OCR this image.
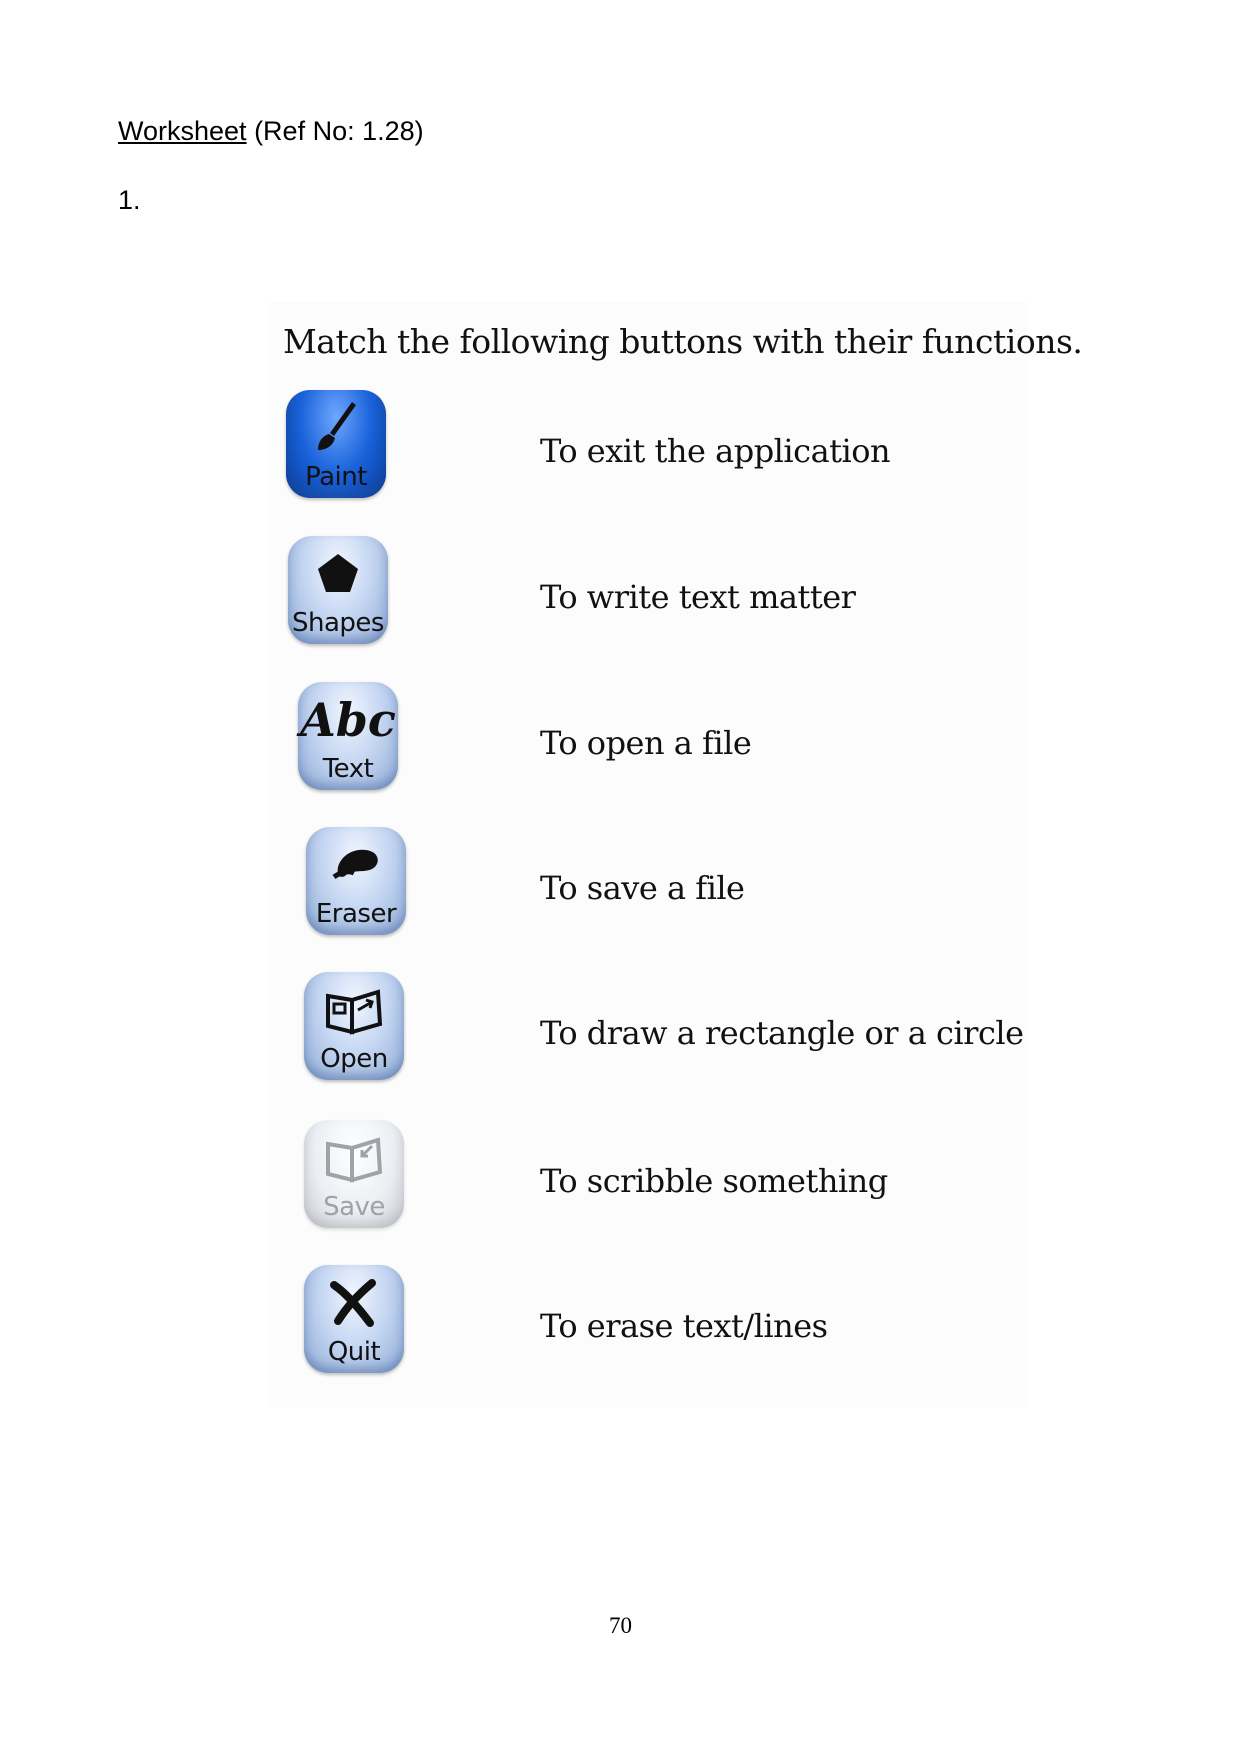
Worksheet (Ref No: 1.28)
1.
Match the following buttons with their functions.
Paint
To exit the application
Shapes
To write text matter
Abc
Text
To open a file
Eraser
To save a file
Open
To draw a rectangle or a circle
Save
To scribble something
Quit
To erase text/lines
70
